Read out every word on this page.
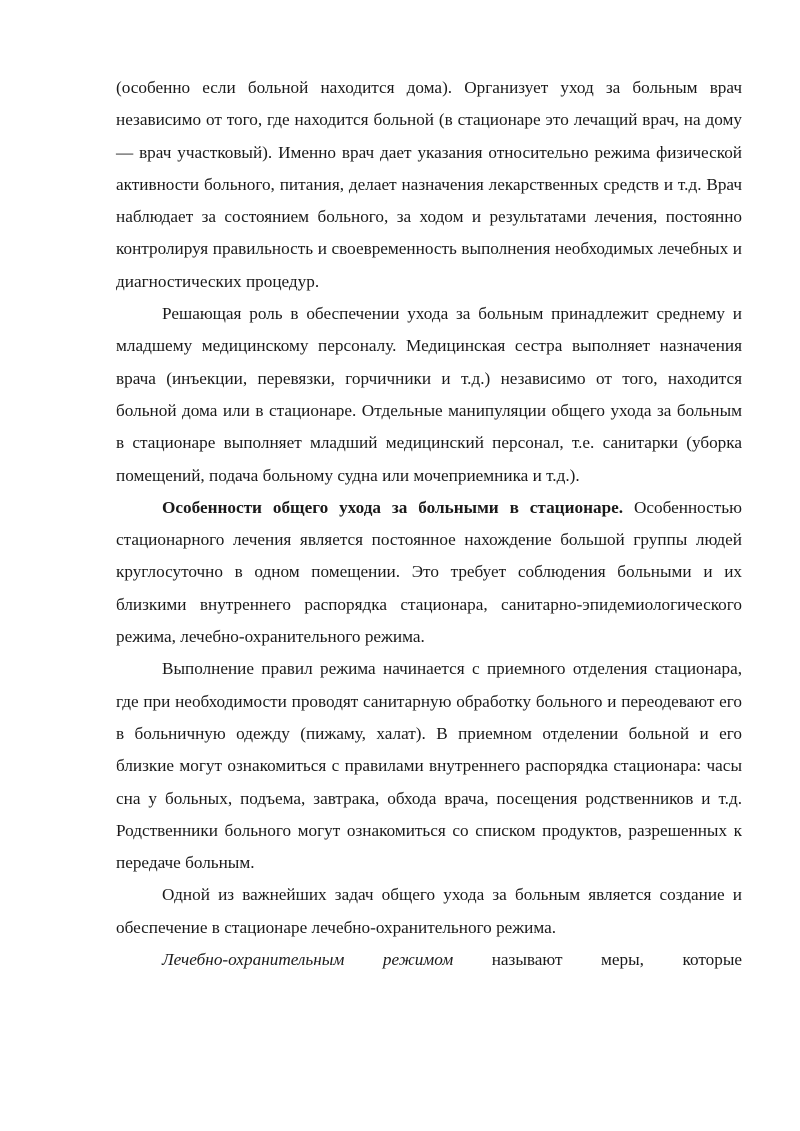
(особенно если больной находится дома). Организует уход за больным врач независимо от того, где находится больной (в стационаре это лечащий врач, на дому — врач участковый). Именно врач дает указания относительно режима физической активности больного, питания, делает назначения лекарственных средств и т.д. Врач наблюдает за состоянием больного, за ходом и результатами лечения, постоянно контролируя правильность и своевременность выполнения необходимых лечебных и диагностических процедур.

Решающая роль в обеспечении ухода за больным принадлежит среднему и младшему медицинскому персоналу. Медицинская сестра выполняет назначения врача (инъекции, перевязки, горчичники и т.д.) независимо от того, находится больной дома или в стационаре. Отдельные манипуляции общего ухода за больным в стационаре выполняет младший медицинский персонал, т.е. санитарки (уборка помещений, подача больному судна или мочеприемника и т.д.).

Особенности общего ухода за больными в стационаре. Особенностью стационарного лечения является постоянное нахождение большой группы людей круглосуточно в одном помещении. Это требует соблюдения больными и их близкими внутреннего распорядка стационара, санитарно-эпидемиологического режима, лечебно-охранительного режима.

Выполнение правил режима начинается с приемного отделения стационара, где при необходимости проводят санитарную обработку больного и переодевают его в больничную одежду (пижаму, халат). В приемном отделении больной и его близкие могут ознакомиться с правилами внутреннего распорядка стационара: часы сна у больных, подъема, завтрака, обхода врача, посещения родственников и т.д. Родственники больного могут ознакомиться со списком продуктов, разрешенных к передаче больным.

Одной из важнейших задач общего ухода за больным является создание и обеспечение в стационаре лечебно-охранительного режима.

Лечебно-охранительным режимом называют меры, которые
